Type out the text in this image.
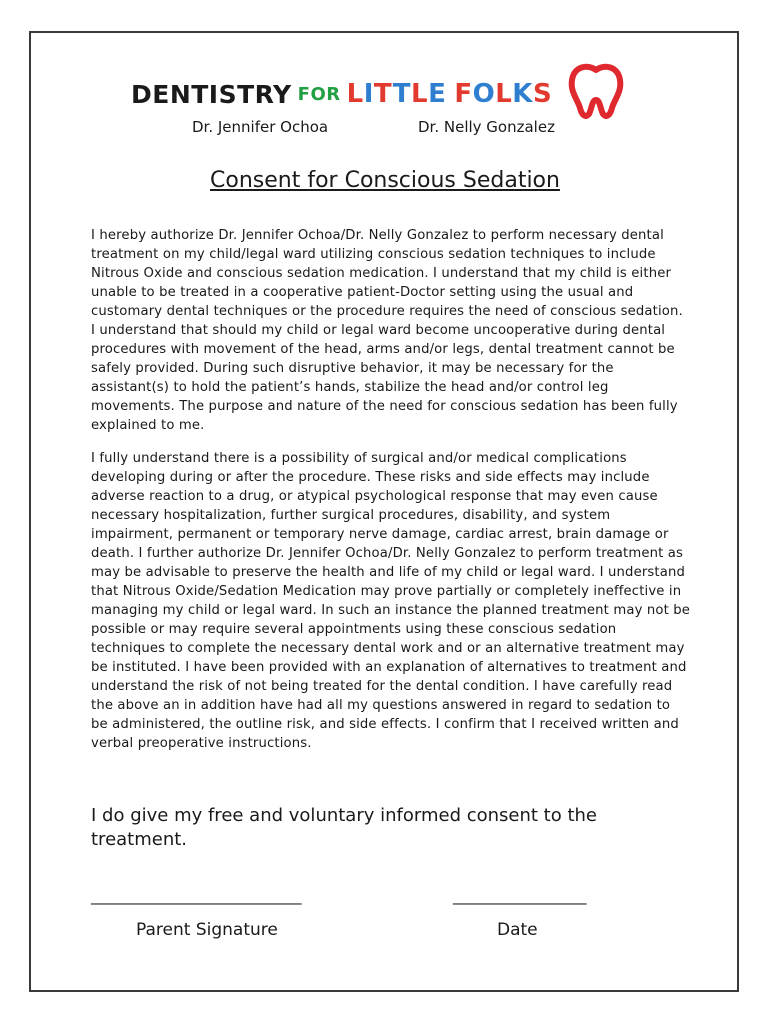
DENTISTRY FOR LITTLE FOLKS
Dr. Jennifer Ochoa	Dr. Nelly Gonzalez
Consent for Conscious Sedation
I hereby authorize Dr. Jennifer Ochoa/Dr. Nelly Gonzalez to perform necessary dental treatment on my child/legal ward utilizing conscious sedation techniques to include Nitrous Oxide and conscious sedation medication. I understand that my child is either unable to be treated in a cooperative patient-Doctor setting using the usual and customary dental techniques or the procedure requires the need of conscious sedation. I understand that should my child or legal ward become uncooperative during dental procedures with movement of the head, arms and/or legs, dental treatment cannot be safely provided. During such disruptive behavior, it may be necessary for the assistant(s) to hold the patient’s hands, stabilize the head and/or control leg movements. The purpose and nature of the need for conscious sedation has been fully explained to me.
I fully understand there is a possibility of surgical and/or medical complications developing during or after the procedure. These risks and side effects may include adverse reaction to a drug, or atypical psychological response that may even cause necessary hospitalization, further surgical procedures, disability, and system impairment, permanent or temporary nerve damage, cardiac arrest, brain damage or death. I further authorize Dr. Jennifer Ochoa/Dr. Nelly Gonzalez to perform treatment as may be advisable to preserve the health and life of my child or legal ward. I understand that Nitrous Oxide/Sedation Medication may prove partially or completely ineffective in managing my child or legal ward. In such an instance the planned treatment may not be possible or may require several appointments using these conscious sedation techniques to complete the necessary dental work and or an alternative treatment may be instituted. I have been provided with an explanation of alternatives to treatment and understand the risk of not being treated for the dental condition. I have carefully read the above an in addition have had all my questions answered in regard to sedation to be administered, the outline risk, and side effects. I confirm that I received written and verbal preoperative instructions.
I do give my free and voluntary informed consent to the treatment.
______________________________	___________________
Parent Signature	Date
